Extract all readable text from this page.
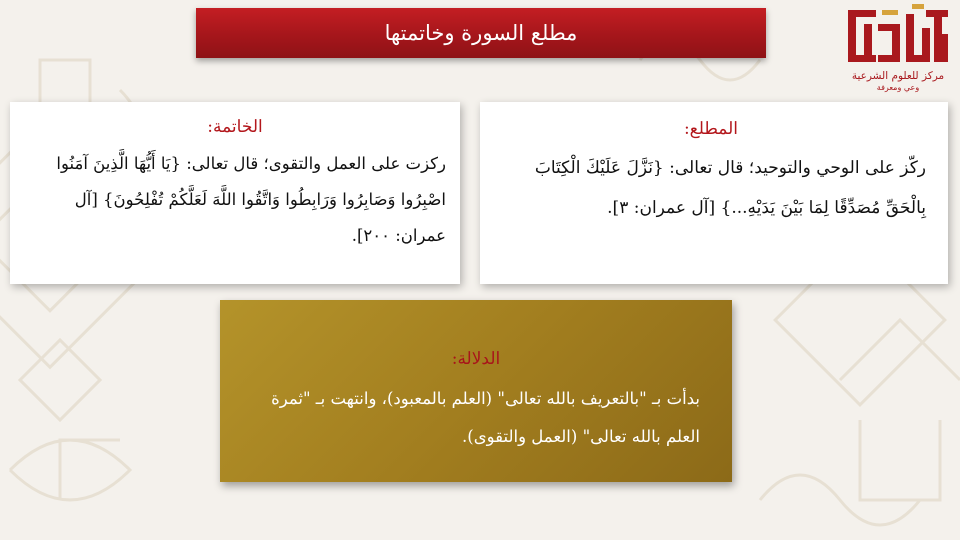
مطلع السورة وخاتمتها
مركز للعلوم الشرعية
وعي ومعرفة
المطلع:
ركّز على الوحي والتوحيد؛ قال تعالى: {نَزَّلَ عَلَيْكَ الْكِتَابَ بِالْحَقِّ مُصَدِّقًا لِمَا بَيْنَ يَدَيْهِ...} [آل عمران: ٣].
الخاتمة:
ركزت على العمل والتقوى؛ قال تعالى: {يَا أَيُّهَا الَّذِينَ آمَنُوا اصْبِرُوا وَصَابِرُوا وَرَابِطُوا وَاتَّقُوا اللَّهَ لَعَلَّكُمْ تُفْلِحُونَ} [آل عمران: ٢٠٠].
الدلالة:
بدأت بـ "بالتعريف بالله تعالى" (العلم بالمعبود)، وانتهت بـ "ثمرة العلم بالله تعالى" (العمل والتقوى).
